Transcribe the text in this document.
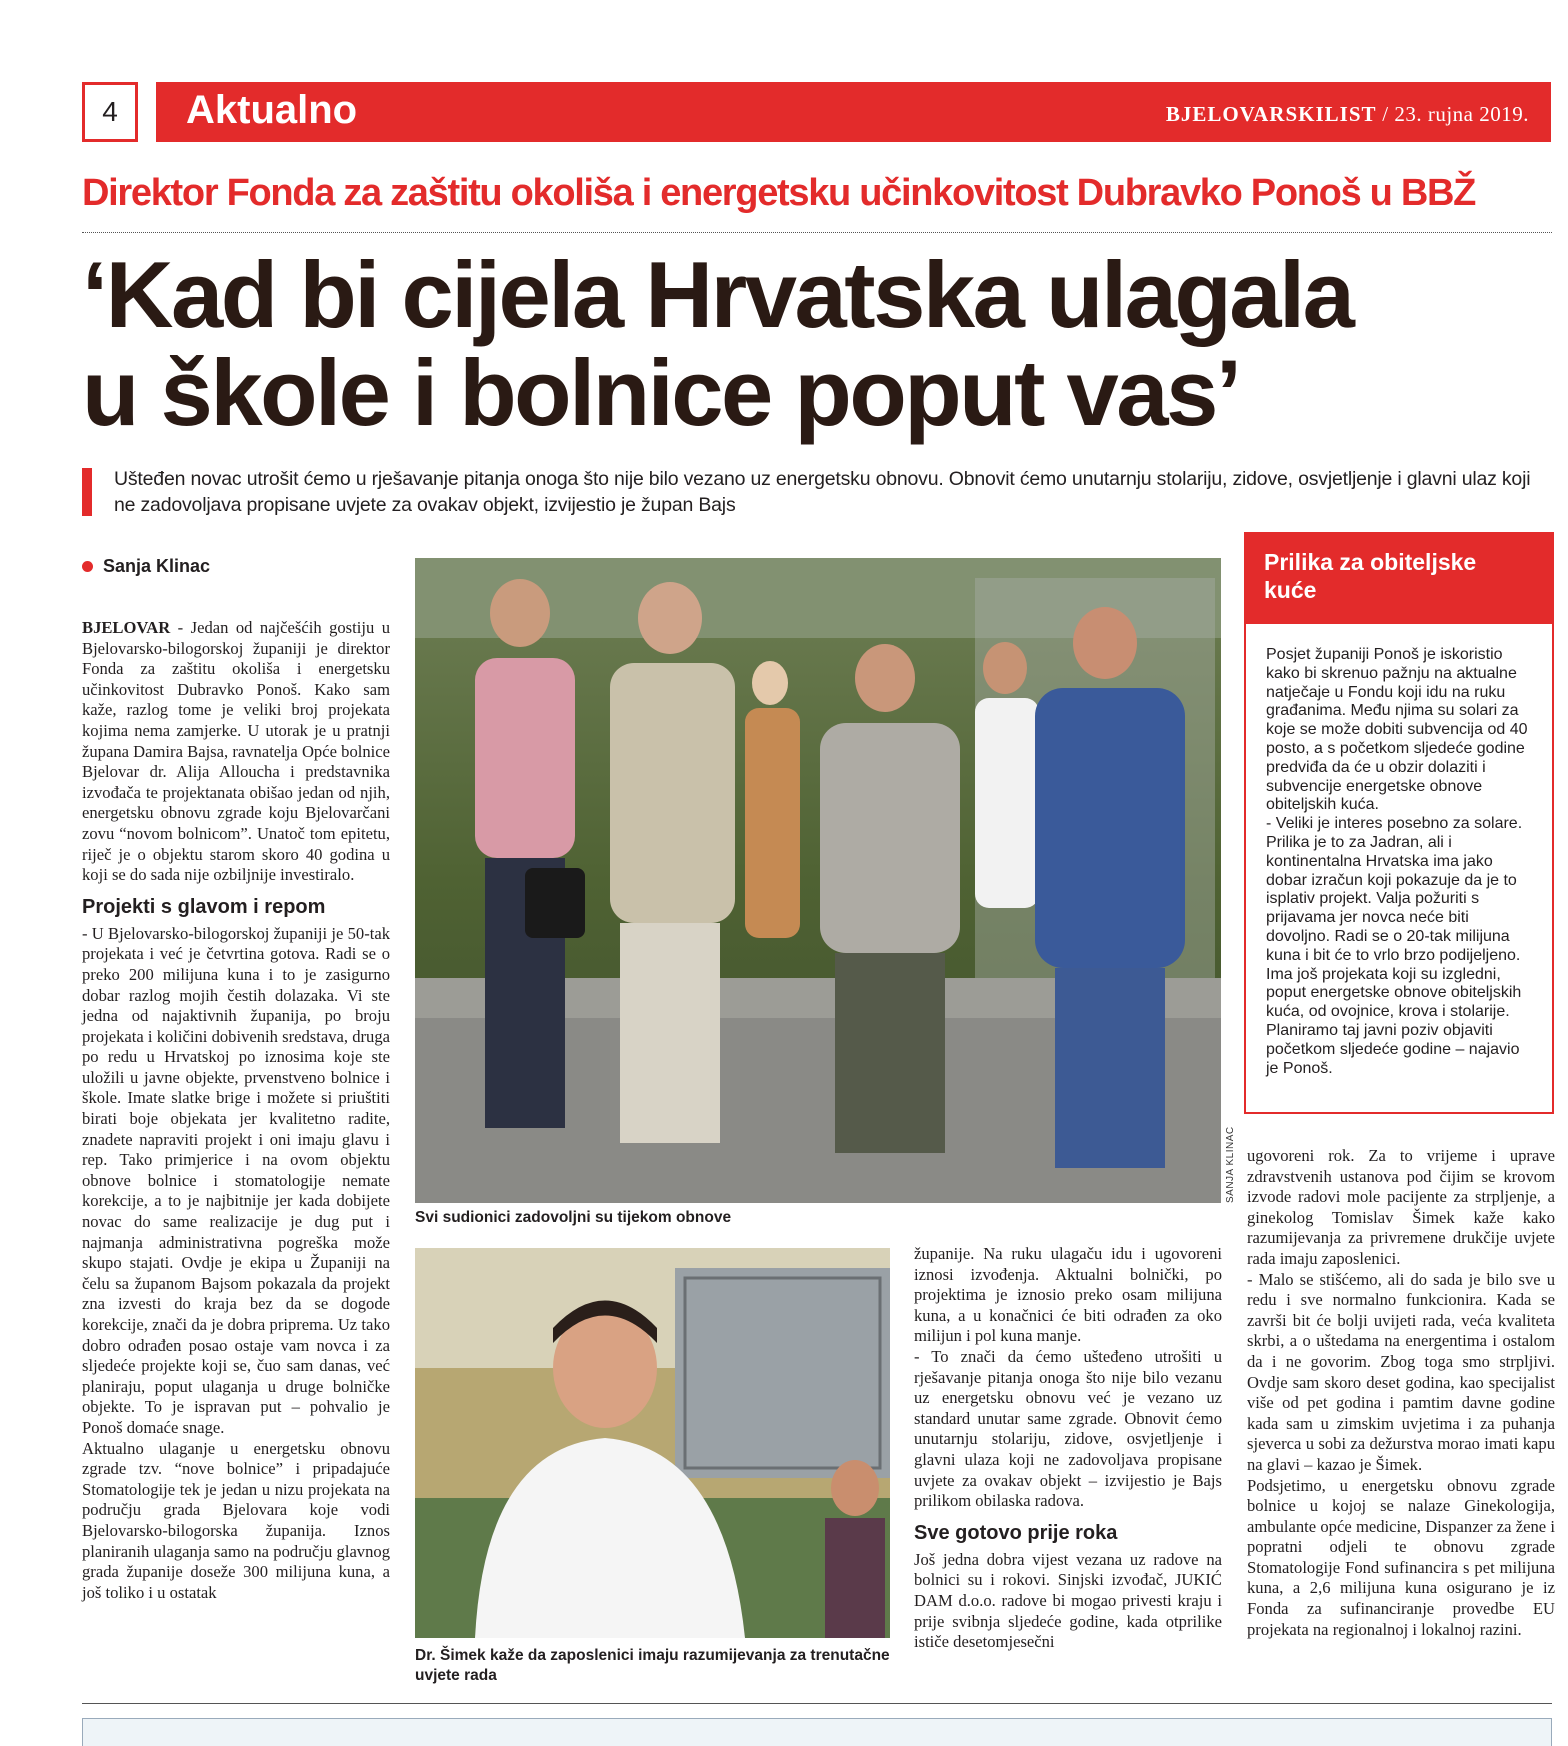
4	Aktualno	BJELOVARSKILIST / 23. rujna 2019.
Direktor Fonda za zaštitu okoliša i energetsku učinkovitost Dubravko Ponoš u BBŽ
‘Kad bi cijela Hrvatska ulagala
u škole i bolnice poput vas’
Ušteđen novac utrošit ćemo u rješavanje pitanja onoga što nije bilo vezano uz energetsku obnovu. Obnovit ćemo unutarnju stolariju, zidove, osvjetljenje i glavni ulaz koji ne zadovoljava propisane uvjete za ovakav objekt, izvijestio je župan Bajs
Sanja Klinac

BJELOVAR - Jedan od najčešćih gostiju u Bjelovarsko-bilogorskoj županiji je direktor Fonda za zaštitu okoliša i energetsku učinkovitost Dubravko Ponoš. Kako sam kaže, razlog tome je veliki broj projekata kojima nema zamjerke. U utorak je u pratnji župana Damira Bajsa, ravnatelja Opće bolnice Bjelovar dr. Alija Alloucha i predstavnika izvođača te projektanata obišao jedan od njih, energetsku obnovu zgrade koju Bjelovarčani zovu “novom bolnicom”. Unatoč tom epitetu, riječ je o objektu starom skoro 40 godina u koji se do sada nije ozbiljnije investiralo.

Projekti s glavom i repom

- U Bjelovarsko-bilogorskoj županiji je 50-tak projekata i već je četvrtina gotova. Radi se o preko 200 milijuna kuna i to je zasigurno dobar razlog mojih čestih dolazaka. Vi ste jedna od najaktivnih županija, po broju projekata i količini dobivenih sredstava, druga po redu u Hrvatskoj po iznosima koje ste uložili u javne objekte, prvenstveno bolnice i škole. Imate slatke brige i možete si priuštiti birati boje objekata jer kvalitetno radite, znadete napraviti projekt i oni imaju glavu i rep. Tako primjerice i na ovom objektu obnove bolnice i stomatologije nemate korekcije, a to je najbitnije jer kada dobijete novac do same realizacije je dug put i najmanja administrativna pogreška može skupo stajati. Ovdje je ekipa u Županiji na čelu sa županom Bajsom pokazala da projekt zna izvesti do kraja bez da se dogode korekcije, znači da je dobra priprema. Uz tako dobro odrađen posao ostaje vam novca i za sljedeće projekte koji se, čuo sam danas, već planiraju, poput ulaganja u druge bolničke objekte. To je ispravan put – pohvalio je Ponoš domaće snage.

Aktualno ulaganje u energetsku obnovu zgrade tzv. “nove bolnice” i pripadajuće Stomatologije tek je jedan u nizu projekata na području grada Bjelovara koje vodi Bjelovarsko-bilogorska županija. Iznos planiranih ulaganja samo na području glavnog grada županije doseže 300 milijuna kuna, a još toliko i u ostatak

SANJA KLINAC
Svi sudionici zadovoljni su tijekom obnove
Dr. Šimek kaže da zaposlenici imaju razumijevanja za trenutačne uvjete rada

županije. Na ruku ulagaču idu i ugovoreni iznosi izvođenja. Aktualni bolnički, po projektima je iznosio preko osam milijuna kuna, a u konačnici će biti odrađen za oko milijun i pol kuna manje.

- To znači da ćemo ušteđeno utrošiti u rješavanje pitanja onoga što nije bilo vezanu uz energetsku obnovu već je vezano uz standard unutar same zgrade. Obnovit ćemo unutarnju stolariju, zidove, osvjetljenje i glavni ulaza koji ne zadovoljava propisane uvjete za ovakav objekt – izvijestio je Bajs prilikom obilaska radova.

Sve gotovo prije roka

Još jedna dobra vijest vezana uz radove na bolnici su i rokovi. Sinjski izvođač, JUKIĆ DAM d.o.o. radove bi mogao privesti kraju i prije svibnja sljedeće godine, kada otprilike ističe desetomjesečni

ugovoreni rok. Za to vrijeme i uprave zdravstvenih ustanova pod čijim se krovom izvode radovi mole pacijente za strpljenje, a ginekolog Tomislav Šimek kaže kako razumijevanja za privremene drukčije uvjete rada imaju zaposlenici.

- Malo se stišćemo, ali do sada je bilo sve u redu i sve normalno funkcionira. Kada se završi bit će bolji uvijeti rada, veća kvaliteta skrbi, a o uštedama na energentima i ostalom da i ne govorim. Zbog toga smo strpljivi. Ovdje sam skoro deset godina, kao specijalist više od pet godina i pamtim davne godine kada sam u zimskim uvjetima i za puhanja sjeverca u sobi za dežurstva morao imati kapu na glavi – kazao je Šimek.

Podsjetimo, u energetsku obnovu zgrade bolnice u kojoj se nalaze Ginekologija, ambulante opće medicine, Dispanzer za žene i popratni odjeli te obnovu zgrade Stomatologije Fond sufinancira s pet milijuna kuna, a 2,6 milijuna kuna osigurano je iz Fonda za sufinanciranje provedbe EU projekata na regionalnoj i lokalnoj razini.

Prilika za obiteljske kuće
Posjet županiji Ponoš je iskoristio kako bi skrenuo pažnju na aktualne natječaje u Fondu koji idu na ruku građanima. Među njima su solari za koje se može dobiti subvencija od 40 posto, a s početkom sljedeće godine predviđa da će u obzir dolaziti i subvencije energetske obnove obiteljskih kuća.
- Veliki je interes posebno za solare. Prilika je to za Jadran, ali i kontinentalna Hrvatska ima jako dobar izračun koji pokazuje da je to isplativ projekt. Valja požuriti s prijavama jer novca neće biti dovoljno. Radi se o 20-tak milijuna kuna i bit će to vrlo brzo podijeljeno. Ima još projekata koji su izgledni, poput energetske obnove obiteljskih kuća, od ovojnice, krova i stolarije. Planiramo taj javni poziv objaviti početkom sljedeće godine – najavio je Ponoš.
